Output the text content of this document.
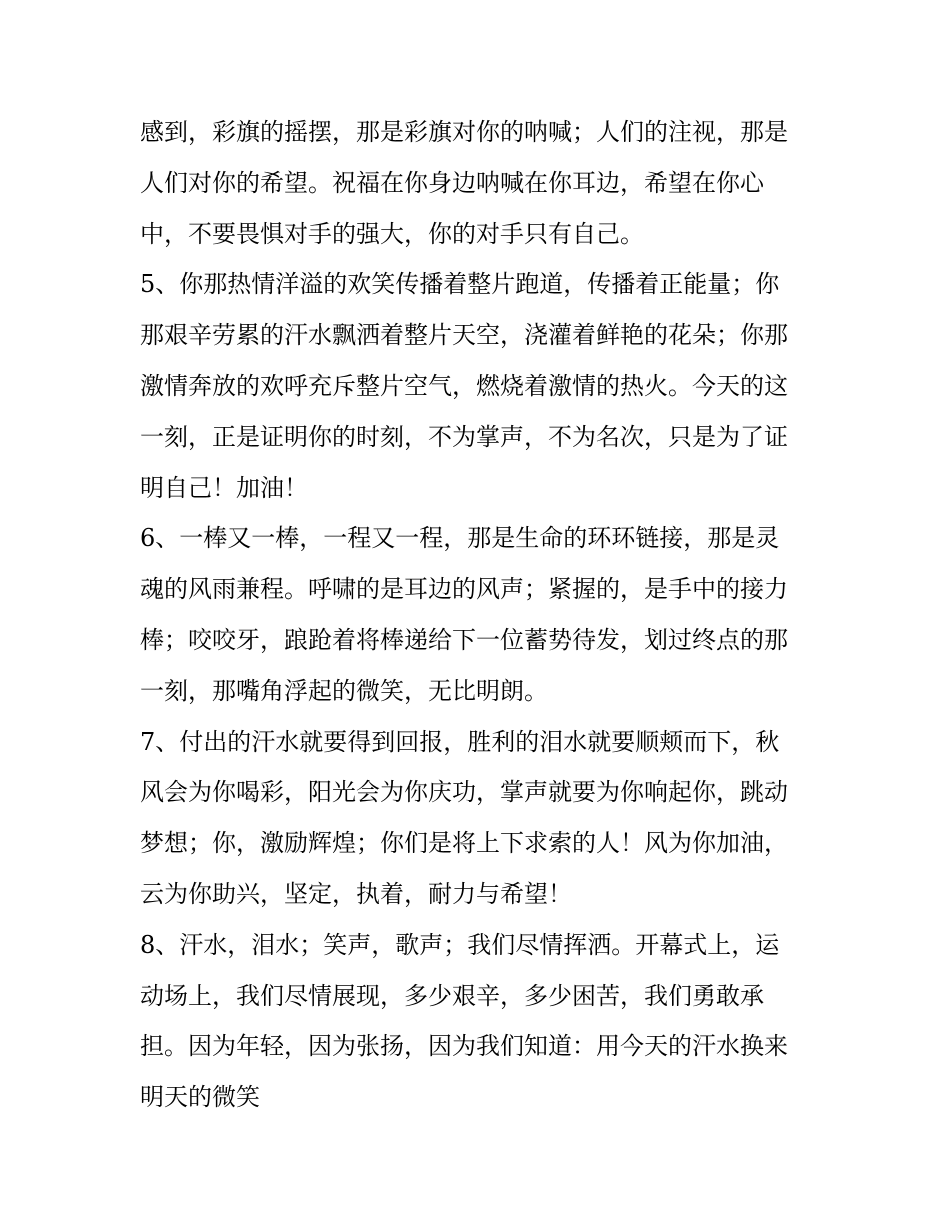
感到，彩旗的摇摆，那是彩旗对你的呐喊；人们的注视，那是
人们对你的希望。祝福在你身边呐喊在你耳边，希望在你心
中，不要畏惧对手的强大，你的对手只有自己。
5、你那热情洋溢的欢笑传播着整片跑道，传播着正能量；你
那艰辛劳累的汗水飘洒着整片天空，浇灌着鲜艳的花朵；你那
激情奔放的欢呼充斥整片空气，燃烧着激情的热火。今天的这
一刻，正是证明你的时刻，不为掌声，不为名次，只是为了证
明自己！加油！
6、一棒又一棒，一程又一程，那是生命的环环链接，那是灵
魂的风雨兼程。呼啸的是耳边的风声；紧握的，是手中的接力
棒；咬咬牙，踉跄着将棒递给下一位蓄势待发，划过终点的那
一刻，那嘴角浮起的微笑，无比明朗。
7、付出的汗水就要得到回报，胜利的泪水就要顺颊而下，秋
风会为你喝彩，阳光会为你庆功，掌声就要为你响起你，跳动
梦想；你，激励辉煌；你们是将上下求索的人！风为你加油，
云为你助兴，坚定，执着，耐力与希望！
8、汗水，泪水；笑声，歌声；我们尽情挥洒。开幕式上，运
动场上，我们尽情展现，多少艰辛，多少困苦，我们勇敢承
担。因为年轻，因为张扬，因为我们知道：用今天的汗水换来
明天的微笑
